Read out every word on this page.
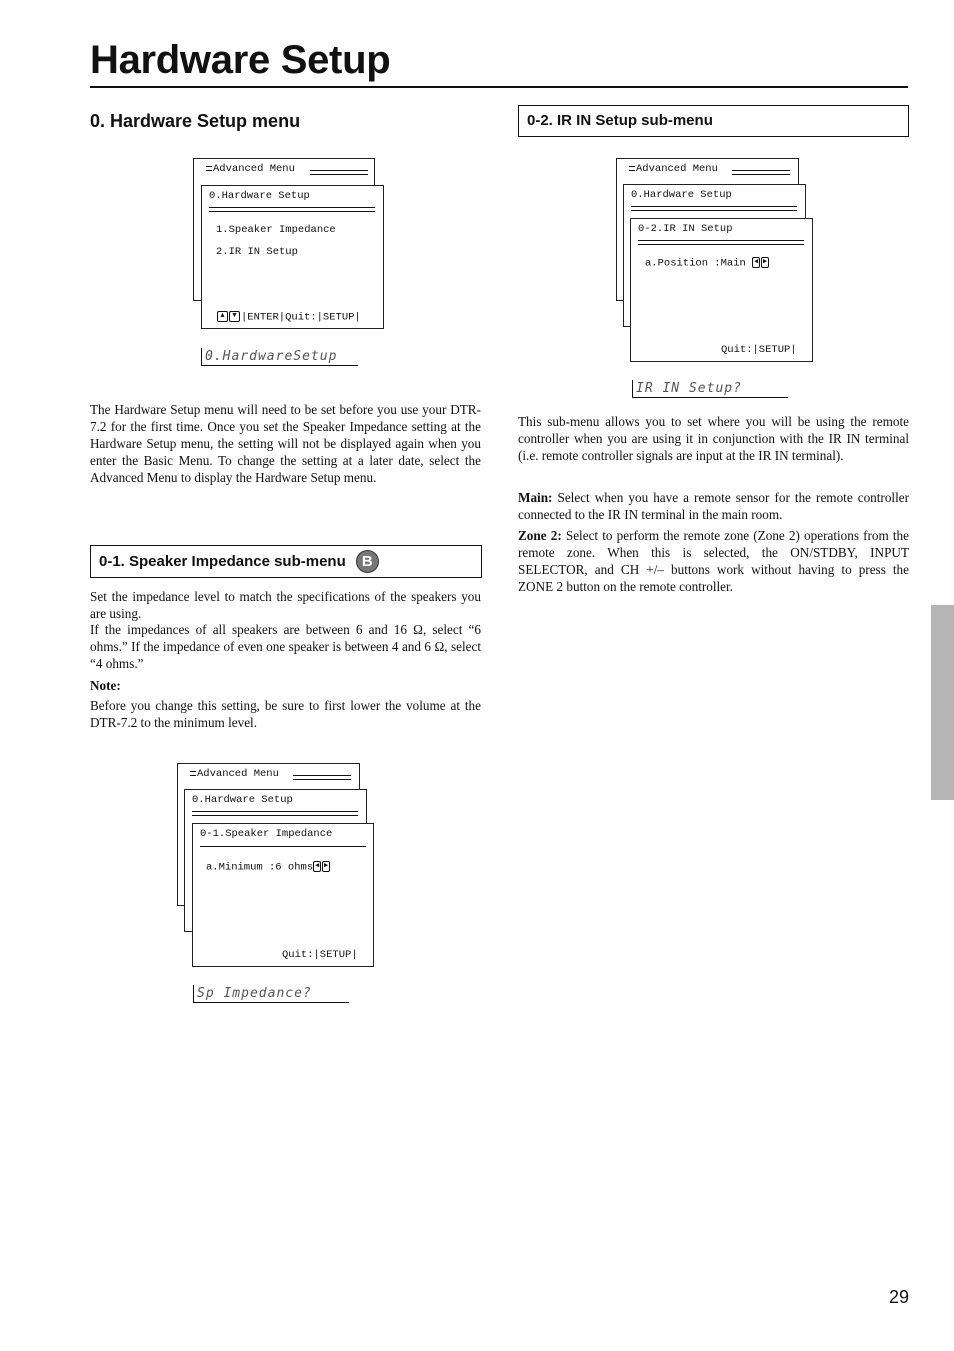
Hardware Setup
0. Hardware Setup menu
Advanced Menu
0.Hardware Setup
1.Speaker Impedance
2.IR IN Setup
▲ ▼ |ENTER|Quit:|SETUP|
0.HardwareSetup

The Hardware Setup menu will need to be set before you use your DTR-7.2 for the first time. Once you set the Speaker Impedance setting at the Hardware Setup menu, the setting will not be displayed again when you enter the Basic Menu. To change the setting at a later date, select the Advanced Menu to display the Hardware Setup menu.

0-1. Speaker Impedance sub-menu	B

Set the impedance level to match the specifications of the speakers you are using.

If the impedances of all speakers are between 6 and 16 Ω, select “6 ohms.” If the impedance of even one speaker is between 4 and 6 Ω, select “4 ohms.”

Note:

Before you change this setting, be sure to first lower the volume at the DTR-7.2 to the minimum level.

Advanced Menu
0.Hardware Setup
0-1.Speaker Impedance
a.Minimum :6 ohms ◀ ▶
Quit:|SETUP|
Sp Impedance?
0-2. IR IN Setup sub-menu
Advanced Menu
0.Hardware Setup
0-2.IR IN Setup
a.Position :Main ◀ ▶
Quit:|SETUP|
IR IN Setup?

This sub-menu allows you to set where you will be using the remote controller when you are using it in conjunction with the IR IN terminal (i.e. remote controller signals are input at the IR IN terminal).

Main: Select when you have a remote sensor for the remote controller connected to the IR IN terminal in the main room.

Zone 2: Select to perform the remote zone (Zone 2) operations from the remote zone. When this is selected, the ON/STDBY, INPUT SELECTOR, and CH +/– buttons work without having to press the ZONE 2 button on the remote controller.

29
